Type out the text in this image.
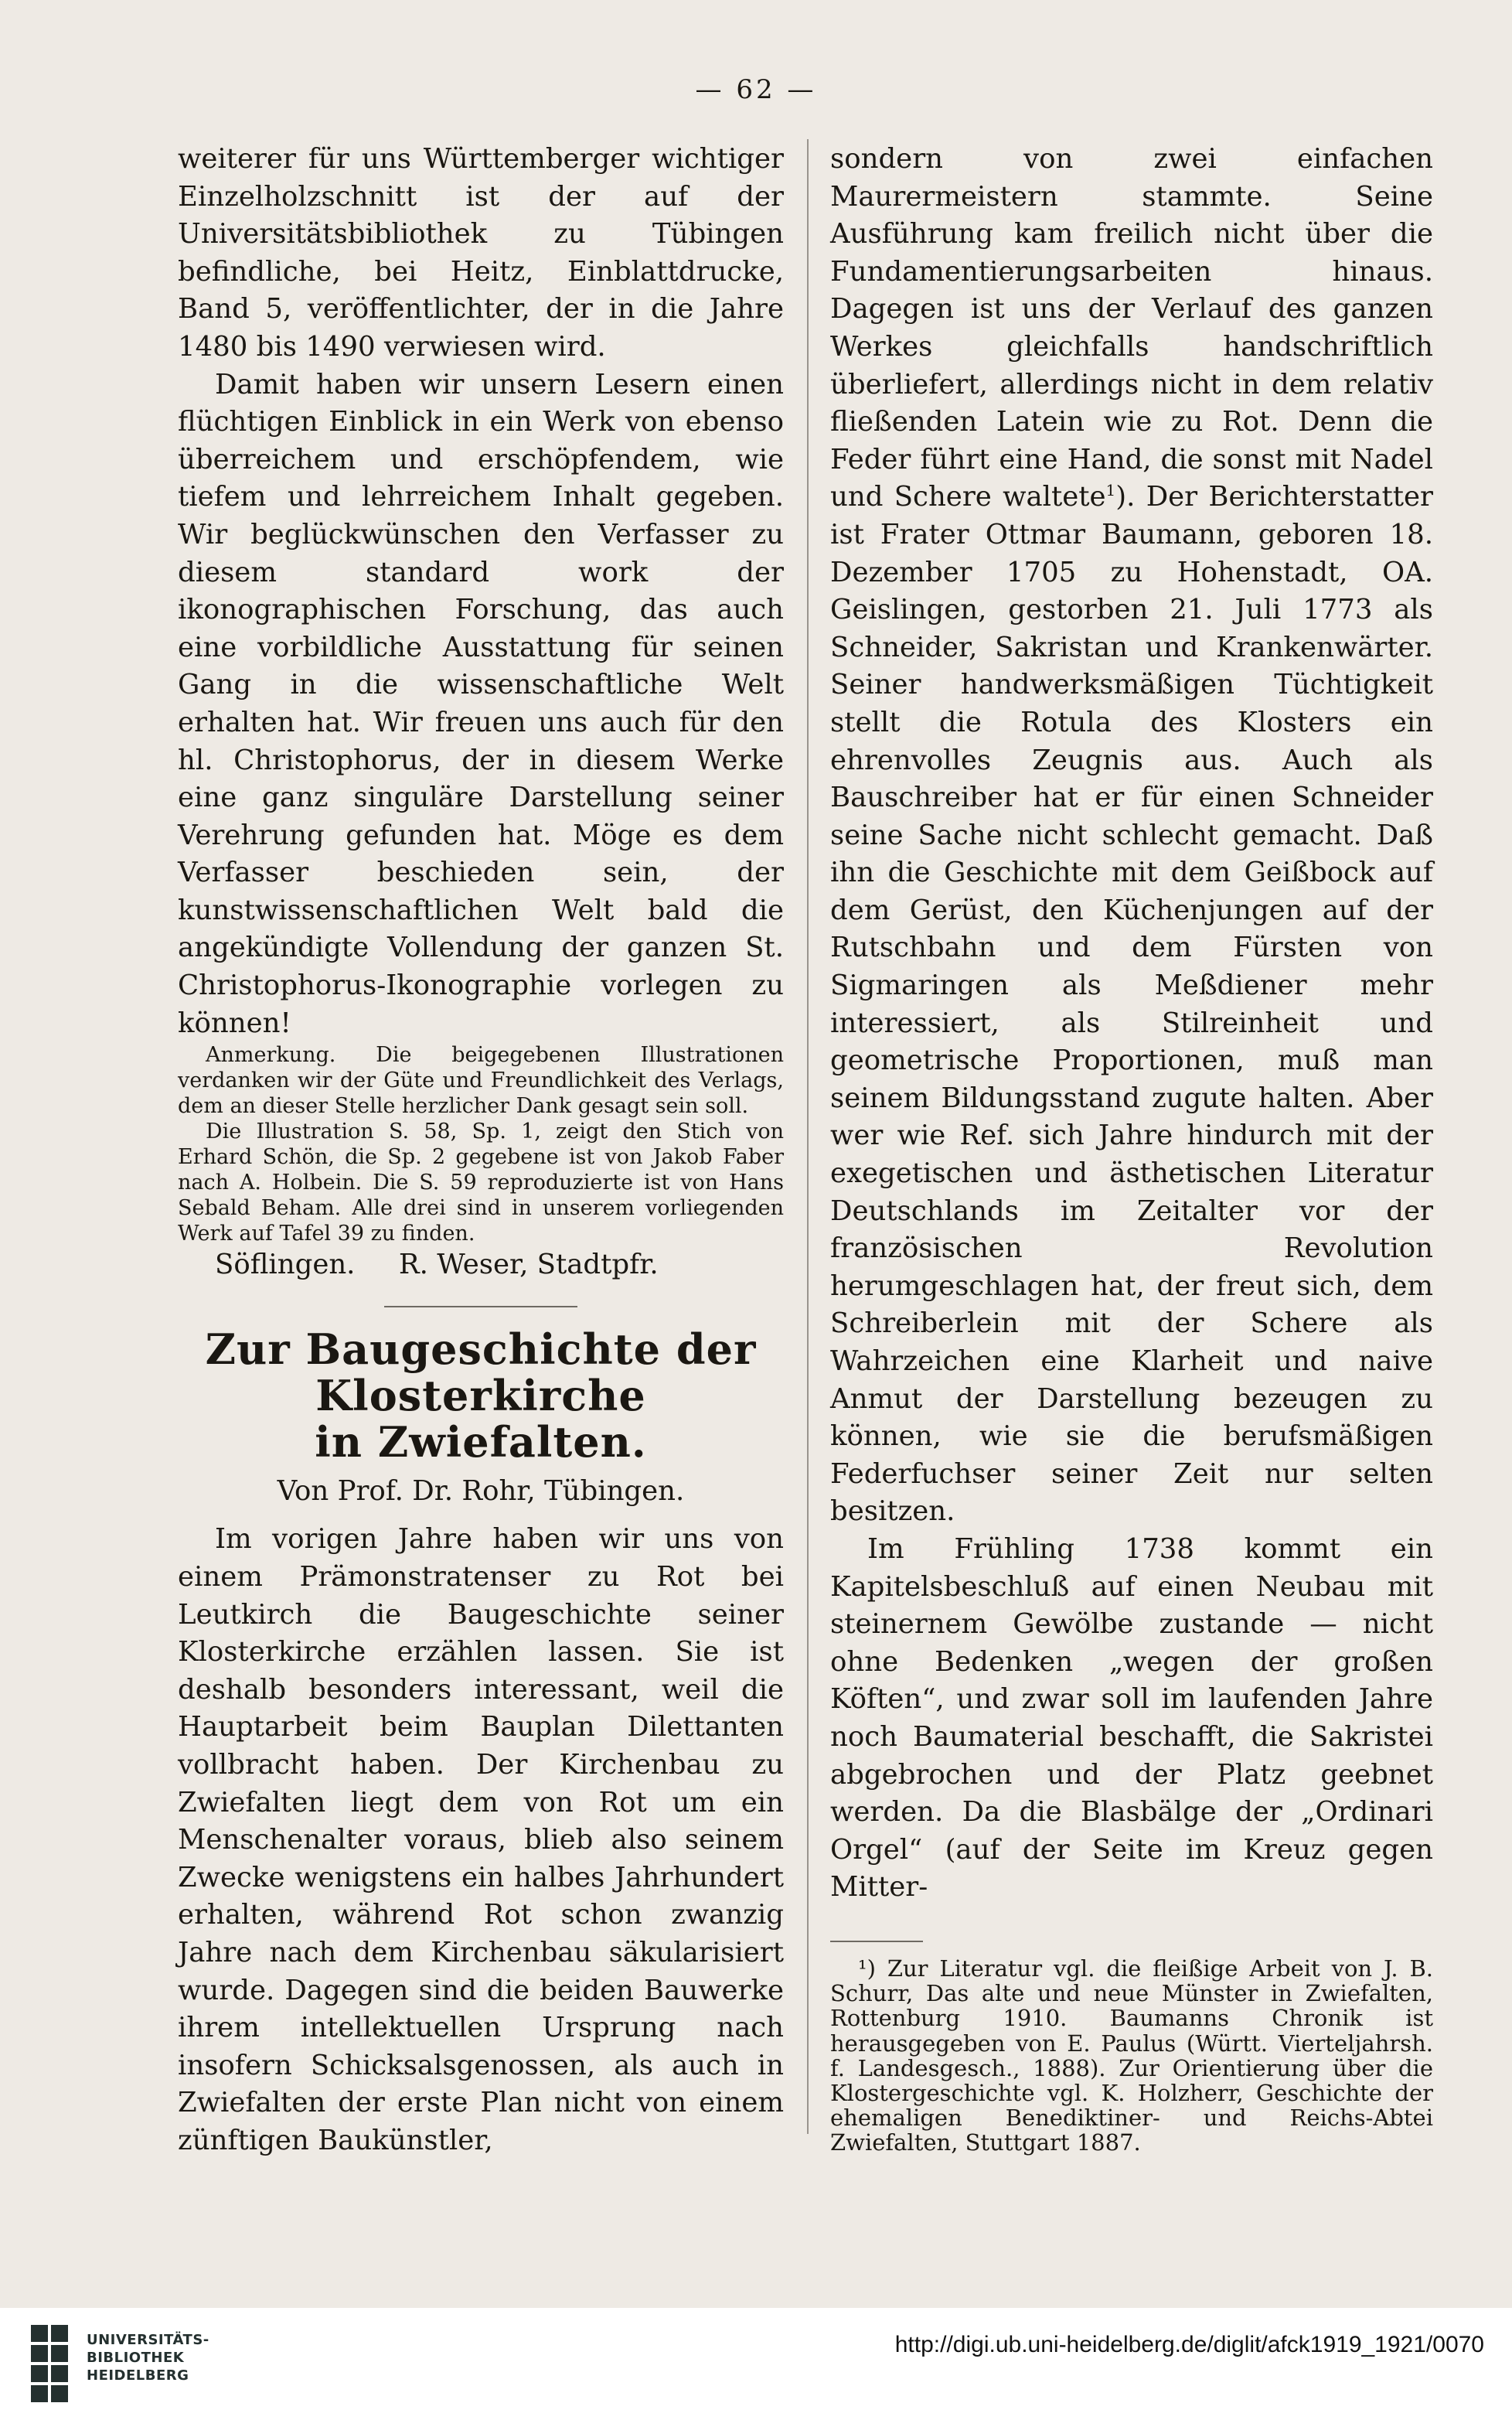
— 62 —

weiterer für uns Württemberger wichtiger Einzelholzschnitt ist der auf der Universitätsbibliothek zu Tübingen befindliche, bei Heitz, Einblattdrucke, Band 5, veröffentlichter, der in die Jahre 1480 bis 1490 verwiesen wird.

Damit haben wir unsern Lesern einen flüchtigen Einblick in ein Werk von ebenso überreichem und erschöpfendem, wie tiefem und lehrreichem Inhalt gegeben. Wir beglückwünschen den Verfasser zu diesem standard work der ikonographischen Forschung, das auch eine vorbildliche Ausstattung für seinen Gang in die wissenschaftliche Welt erhalten hat. Wir freuen uns auch für den hl. Christophorus, der in diesem Werke eine ganz singuläre Darstellung seiner Verehrung gefunden hat. Möge es dem Verfasser beschieden sein, der kunstwissenschaftlichen Welt bald die angekündigte Vollendung der ganzen St. Christophorus-Ikonographie vorlegen zu können!

Anmerkung. Die beigegebenen Illustrationen verdanken wir der Güte und Freundlichkeit des Verlags, dem an dieser Stelle herzlicher Dank gesagt sein soll.

Die Illustration S. 58, Sp. 1, zeigt den Stich von Erhard Schön, die Sp. 2 gegebene ist von Jakob Faber nach A. Holbein. Die S. 59 reproduzierte ist von Hans Sebald Beham. Alle drei sind in unserem vorliegenden Werk auf Tafel 39 zu finden.

Söflingen.     R. Weser, Stadtpfr.

Zur Baugeschichte der Klosterkirche

in Zwiefalten.

Von Prof. Dr. Rohr, Tübingen.

Im vorigen Jahre haben wir uns von einem Prämonstratenser zu Rot bei Leutkirch die Baugeschichte seiner Klosterkirche erzählen lassen. Sie ist deshalb besonders interessant, weil die Hauptarbeit beim Bauplan Dilettanten vollbracht haben. Der Kirchenbau zu Zwiefalten liegt dem von Rot um ein Menschenalter voraus, blieb also seinem Zwecke wenigstens ein halbes Jahrhundert erhalten, während Rot schon zwanzig Jahre nach dem Kirchenbau säkularisiert wurde. Dagegen sind die beiden Bauwerke ihrem intellektuellen Ursprung nach insofern Schicksalsgenossen, als auch in Zwiefalten der erste Plan nicht von einem zünftigen Baukünstler,

sondern von zwei einfachen Maurermeistern stammte. Seine Ausführung kam freilich nicht über die Fundamentierungsarbeiten hinaus. Dagegen ist uns der Verlauf des ganzen Werkes gleichfalls handschriftlich überliefert, allerdings nicht in dem relativ fließenden Latein wie zu Rot. Denn die Feder führt eine Hand, die sonst mit Nadel und Schere waltete$^1$). Der Berichterstatter ist Frater Ottmar Baumann, geboren 18. Dezember 1705 zu Hohenstadt, OA. Geislingen, gestorben 21. Juli 1773 als Schneider, Sakristan und Krankenwärter. Seiner handwerksmäßigen Tüchtigkeit stellt die Rotula des Klosters ein ehrenvolles Zeugnis aus. Auch als Bauschreiber hat er für einen Schneider seine Sache nicht schlecht gemacht. Daß ihn die Geschichte mit dem Geißbock auf dem Gerüst, den Küchenjungen auf der Rutschbahn und dem Fürsten von Sigmaringen als Meßdiener mehr interessiert, als Stilreinheit und geometrische Proportionen, muß man seinem Bildungsstand zugute halten. Aber wer wie Ref. sich Jahre hindurch mit der exegetischen und ästhetischen Literatur Deutschlands im Zeitalter vor der französischen Revolution herumgeschlagen hat, der freut sich, dem Schreiberlein mit der Schere als Wahrzeichen eine Klarheit und naive Anmut der Darstellung bezeugen zu können, wie sie die berufsmäßigen Federfuchser seiner Zeit nur selten besitzen.

Im Frühling 1738 kommt ein Kapitelsbeschluß auf einen Neubau mit steinernem Gewölbe zustande — nicht ohne Bedenken „wegen der großen Köften“, und zwar soll im laufenden Jahre noch Baumaterial beschafft, die Sakristei abgebrochen und der Platz geebnet werden. Da die Blasbälge der „Ordinari Orgel“ (auf der Seite im Kreuz gegen Mitter-

¹) Zur Literatur vgl. die fleißige Arbeit von J. B. Schurr, Das alte und neue Münster in Zwiefalten, Rottenburg 1910. Baumanns Chronik ist herausgegeben von E. Paulus (Württ. Vierteljahrsh. f. Landesgesch., 1888). Zur Orientierung über die Klostergeschichte vgl. K. Holzherr, Geschichte der ehemaligen Benediktiner- und Reichs-Abtei Zwiefalten, Stuttgart 1887.

UNIVERSITÄTS-
BIBLIOTHEK
HEIDELBERG
http://digi.ub.uni-heidelberg.de/diglit/afck1919_1921/0070
